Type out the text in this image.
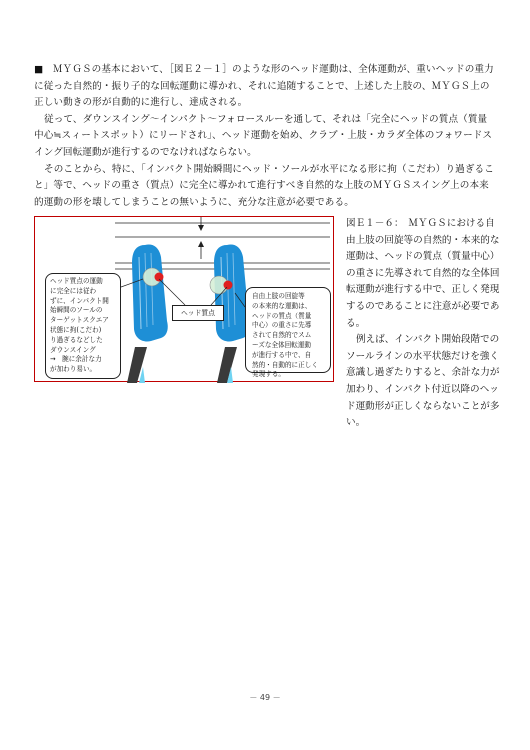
■　ＭＹＧＳの基本において、［図Ｅ２－１］のような形のヘッド運動は、全体運動が、重いヘッドの重力に従った自然的・振り子的な回転運動に導かれ、それに追随することで、上述した上肢の、ＭＹＧＳ上の正しい動きの形が自動的に進行し、達成される。

従って、ダウンスイング～インパクト～フォロースルーを通して、それは「完全にヘッドの質点（質量中心≒スィートスポット）にリードされ」、ヘッド運動を始め、クラブ・上肢・カラダ全体のフォワードスイング回転運動が進行するのでなければならない。

そのことから、特に、「インパクト開始瞬間にヘッド・ソールが水平になる形に拘（こだわ）り過ぎること」等で、ヘッドの重さ（質点）に完全に導かれて進行すべき自然的な上肢のＭＹＧＳスイング上の本来的運動の形を壊してしまうことの無いように、充分な注意が必要である。

ヘッド質点の運動

に完全には従わ

ずに、インパクト開

始瞬間のソールの

ターゲットスクエア

状態に拘(こだわ)

り過ぎるなどした

ダウンスイング

→　腕に余計な力

が加わり易い。

ヘッド質点

自由上肢の回旋等

の本来的な運動は、

ヘッドの質点（質量

中心）の重さに先導

されて自然的でスム

ーズな全体回転運動

が進行する中で、自

然的・自動的に正しく

発現する。

図Ｅ１－６：　ＭＹＧＳにおける自由上肢の回旋等の自然的・本来的な運動は、ヘッドの質点（質量中心）の重さに先導されて自然的な全体回転運動が進行する中で、正しく発現するのであることに注意が必要である。

例えば、インパクト開始段階でのソールラインの水平状態だけを強く意識し過ぎたりすると、余計な力が加わり、インパクト付近以降のヘッド運動形が正しくならないことが多い。

－ 49 －
